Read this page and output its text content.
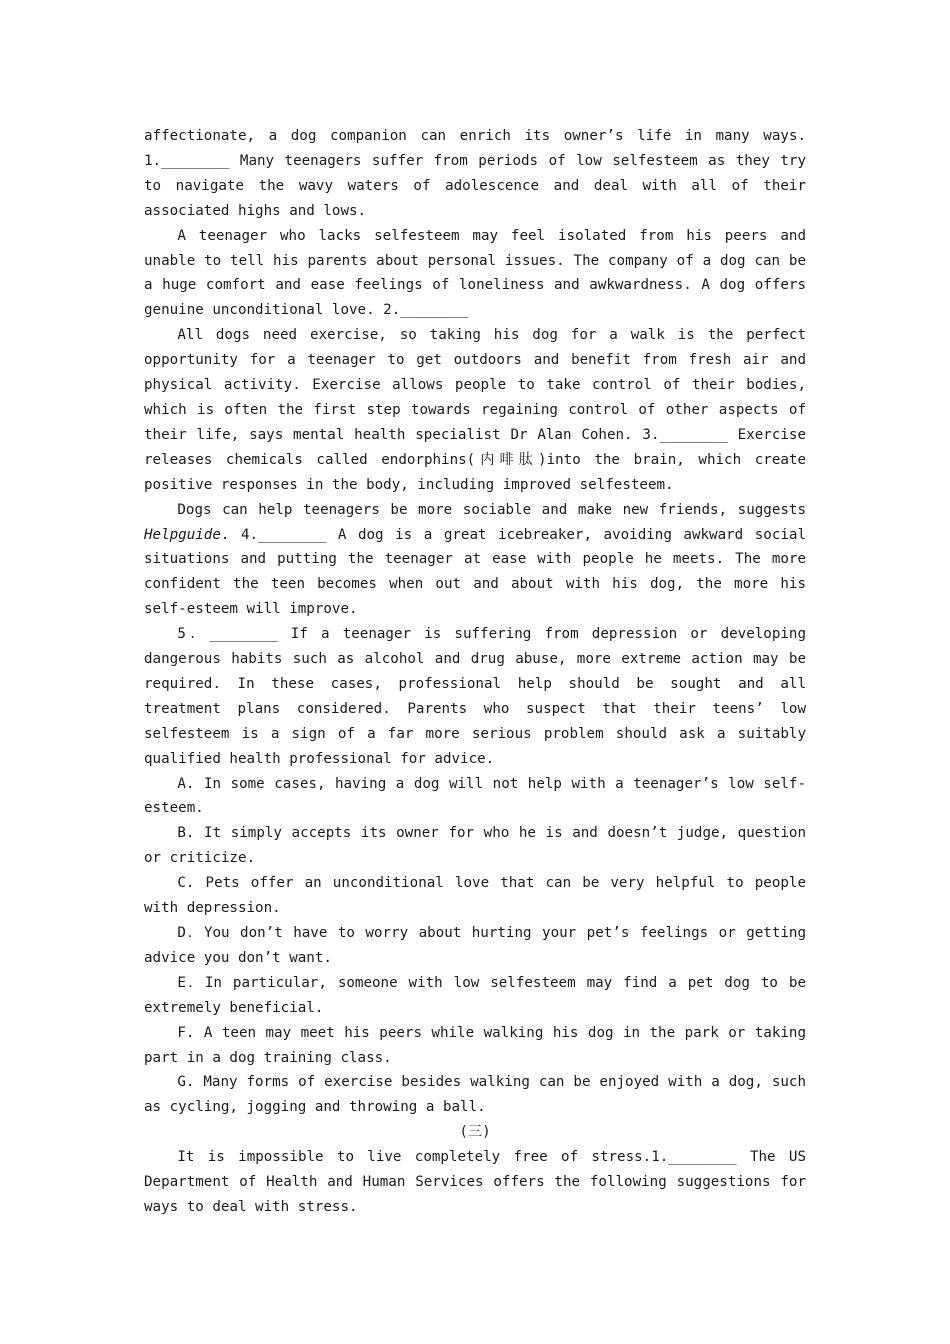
affectionate, a dog companion can enrich its owner’s life in many ways. 1.________ Many teenagers suffer from periods of low selfesteem as they try to navigate the wavy waters of adolescence and deal with all of their associated highs and lows.

A teenager who lacks selfesteem may feel isolated from his peers and unable to tell his parents about personal issues. The company of a dog can be a huge comfort and ease feelings of loneliness and awkwardness. A dog offers genuine unconditional love. 2.________

All dogs need exercise, so taking his dog for a walk is the perfect opportunity for a teenager to get outdoors and benefit from fresh air and physical activity. Exercise allows people to take control of their bodies, which is often the first step towards regaining control of other aspects of their life, says mental health specialist Dr Alan Cohen. 3.________ Exercise releases chemicals called endorphins(内啡肽)into the brain, which create positive responses in the body, including improved selfesteem.

Dogs can help teenagers be more sociable and make new friends, suggests Helpguide. 4.________ A dog is a great icebreaker, avoiding awkward social situations and putting the teenager at ease with people he meets. The more confident the teen becomes when out and about with his dog, the more his self-esteem will improve.

5．________ If a teenager is suffering from depression or developing dangerous habits such as alcohol and drug abuse, more extreme action may be required. In these cases, professional help should be sought and all treatment plans considered. Parents who suspect that their teens’ low selfesteem is a sign of a far more serious problem should ask a suitably qualified health professional for advice.

A. In some cases, having a dog will not help with a teenager’s low self-esteem.

B. It simply accepts its owner for who he is and doesn’t judge, question or criticize.

C. Pets offer an unconditional love that can be very helpful to people with depression.

D．You don’t have to worry about hurting your pet’s feelings or getting advice you don’t want.

E．In particular, someone with low selfesteem may find a pet dog to be extremely beneficial.

F. A teen may meet his peers while walking his dog in the park or taking part in a dog training class.

G. Many forms of exercise besides walking can be enjoyed with a dog, such as cycling, jogging and throwing a ball.

(三)

It is impossible to live completely free of stress.1.________ The US Department of Health and Human Services offers the following suggestions for ways to deal with stress.
